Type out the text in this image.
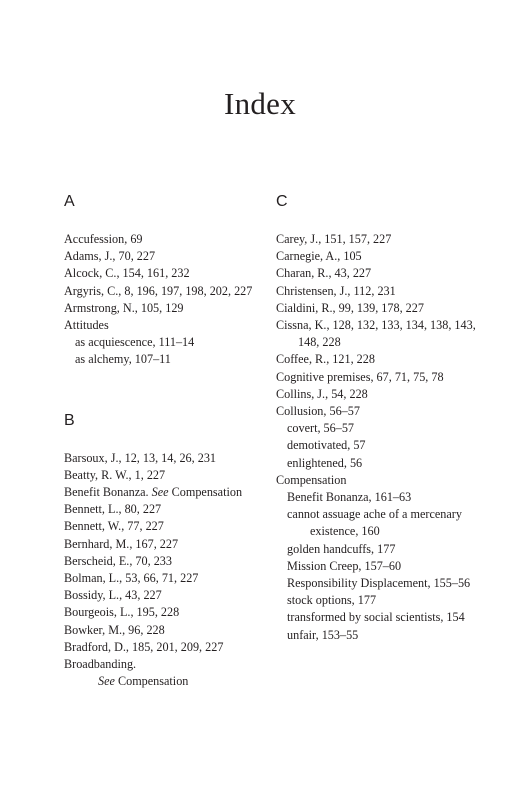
Index
A
Accufession, 69
Adams, J., 70, 227
Alcock, C., 154, 161, 232
Argyris, C., 8, 196, 197, 198, 202, 227
Armstrong, N., 105, 129
Attitudes
as acquiescence, 111–14
as alchemy, 107–11
B
Barsoux, J., 12, 13, 14, 26, 231
Beatty, R. W., 1, 227
Benefit Bonanza. See Compensation
Bennett, L., 80, 227
Bennett, W., 77, 227
Bernhard, M., 167, 227
Berscheid, E., 70, 233
Bolman, L., 53, 66, 71, 227
Bossidy, L., 43, 227
Bourgeois, L., 195, 228
Bowker, M., 96, 228
Bradford, D., 185, 201, 209, 227
Broadbanding.
See Compensation
C
Carey, J., 151, 157, 227
Carnegie, A., 105
Charan, R., 43, 227
Christensen, J., 112, 231
Cialdini, R., 99, 139, 178, 227
Cissna, K., 128, 132, 133, 134, 138, 143, 148, 228
Coffee, R., 121, 228
Cognitive premises, 67, 71, 75, 78
Collins, J., 54, 228
Collusion, 56–57
covert, 56–57
demotivated, 57
enlightened, 56
Compensation
Benefit Bonanza, 161–63
cannot assuage ache of a mercenary existence, 160
golden handcuffs, 177
Mission Creep, 157–60
Responsibility Displacement, 155–56
stock options, 177
transformed by social scientists, 154
unfair, 153–55
